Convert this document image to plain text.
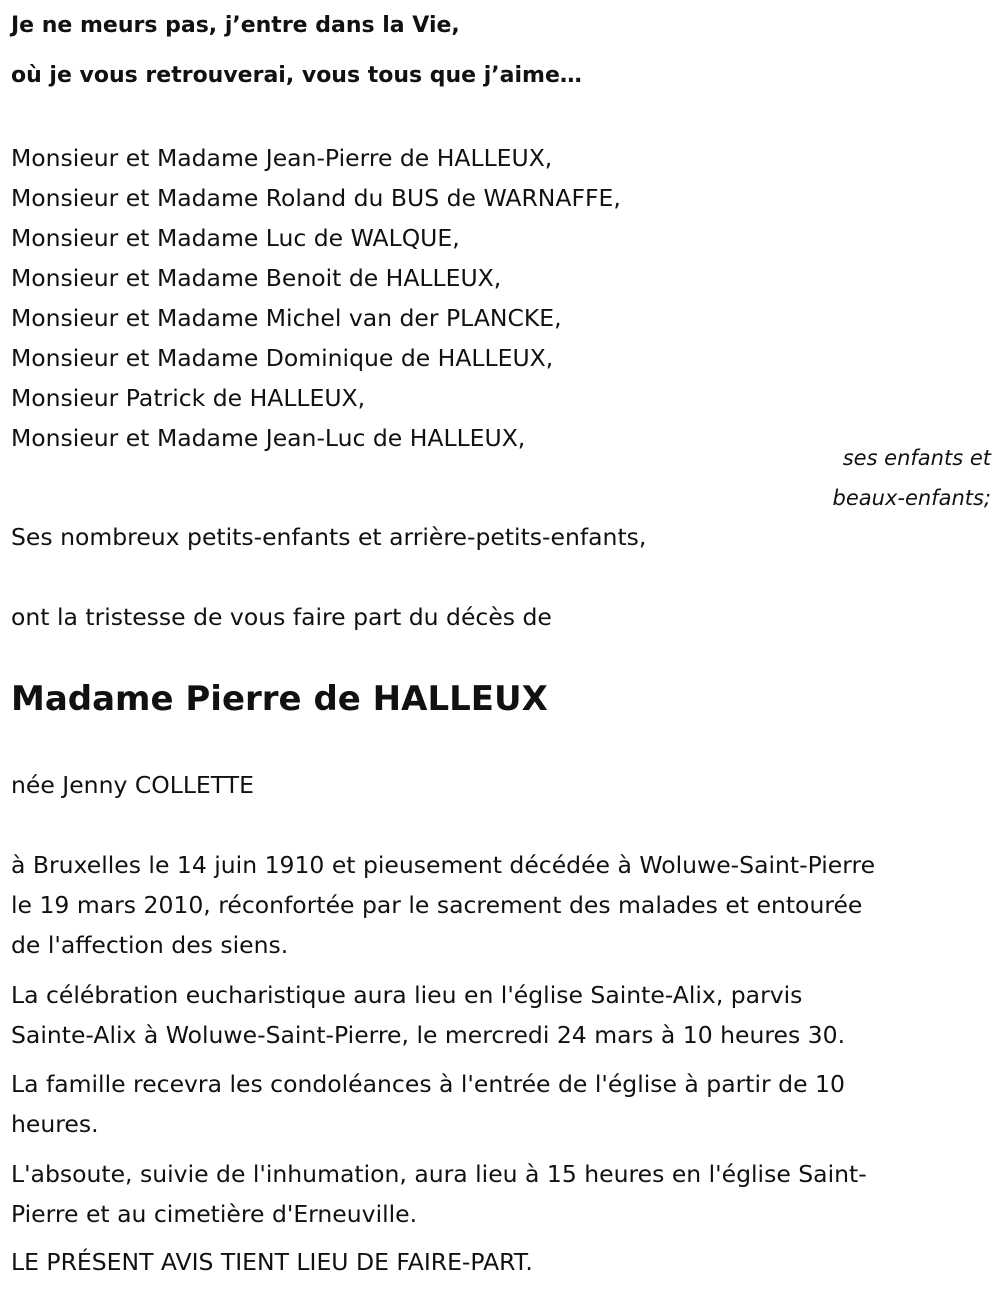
Je ne meurs pas, j’entre dans la Vie,
où je vous retrouverai, vous tous que j’aime…
Monsieur et Madame Jean-Pierre de HALLEUX,
Monsieur et Madame Roland du BUS de WARNAFFE,
Monsieur et Madame Luc de WALQUE,
Monsieur et Madame Benoit de HALLEUX,
Monsieur et Madame Michel van der PLANCKE,
Monsieur et Madame Dominique de HALLEUX,
Monsieur Patrick de HALLEUX,
Monsieur et Madame Jean-Luc de HALLEUX,
ses enfants et
beaux-enfants;
Ses nombreux petits-enfants et arrière-petits-enfants,
ont la tristesse de vous faire part du décès de
Madame Pierre de HALLEUX
née Jenny COLLETTE

à Bruxelles le 14 juin 1910 et pieusement décédée à Woluwe-Saint-Pierre
le 19 mars 2010, réconfortée par le sacrement des malades et entourée
de l'affection des siens.

La célébration eucharistique aura lieu en l'église Sainte-Alix, parvis
Sainte-Alix à Woluwe-Saint-Pierre, le mercredi 24 mars à 10 heures 30.

La famille recevra les condoléances à l'entrée de l'église à partir de 10
heures.

L'absoute, suivie de l'inhumation, aura lieu à 15 heures en l'église Saint-
Pierre et au cimetière d'Erneuville.

LE PRÉSENT AVIS TIENT LIEU DE FAIRE-PART.
